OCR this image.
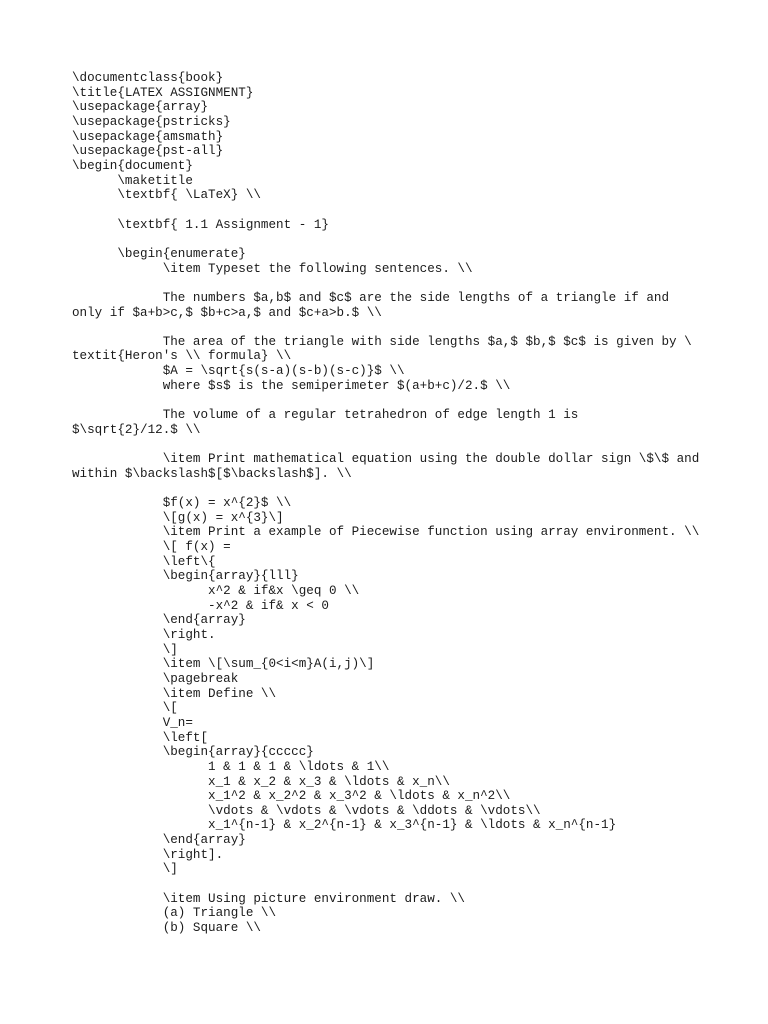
\documentclass{book}
\title{LATEX ASSIGNMENT}
\usepackage{array}
\usepackage{pstricks}
\usepackage{amsmath}
\usepackage{pst-all}
\begin{document}
\maketitle
\textbf{ \LaTeX} \\
\textbf{ 1.1 Assignment - 1}
\begin{enumerate}
\item Typeset the following sentences. \\
The numbers $a,b$ and $c$ are the side lengths of a triangle if and
only if $a+b>c,$ $b+c>a,$ and $c+a>b.$ \\
The area of the triangle with side lengths $a,$ $b,$ $c$ is given by \
textit{Heron's \\ formula} \\
$A = \sqrt{s(s-a)(s-b)(s-c)}$ \\
where $s$ is the semiperimeter $(a+b+c)/2.$ \\
The volume of a regular tetrahedron of edge length 1 is
$\sqrt{2}/12.$ \\
\item Print mathematical equation using the double dollar sign \$\$ and
within $\backslash$[$\backslash$]. \\
$f(x) = x^{2}$ \\
\[g(x) = x^{3}\]
\item Print a example of Piecewise function using array environment. \\
\[ f(x) =
\left\{
\begin{array}{lll}
x^2 & if&x \geq 0 \\
-x^2 & if& x < 0
\end{array}
\right.
\]
\item \[\sum_{0<i<m}A(i,j)\]
\pagebreak
\item Define \\
\[
V_n=
\left[
\begin{array}{ccccc}
1 & 1 & 1 & \ldots & 1\\
x_1 & x_2 & x_3 & \ldots & x_n\\
x_1^2 & x_2^2 & x_3^2 & \ldots & x_n^2\\
\vdots & \vdots & \vdots & \ddots & \vdots\\
x_1^{n-1} & x_2^{n-1} & x_3^{n-1} & \ldots & x_n^{n-1}
\end{array}
\right].
\]
\item Using picture environment draw. \\
(a) Triangle \\
(b) Square \\
